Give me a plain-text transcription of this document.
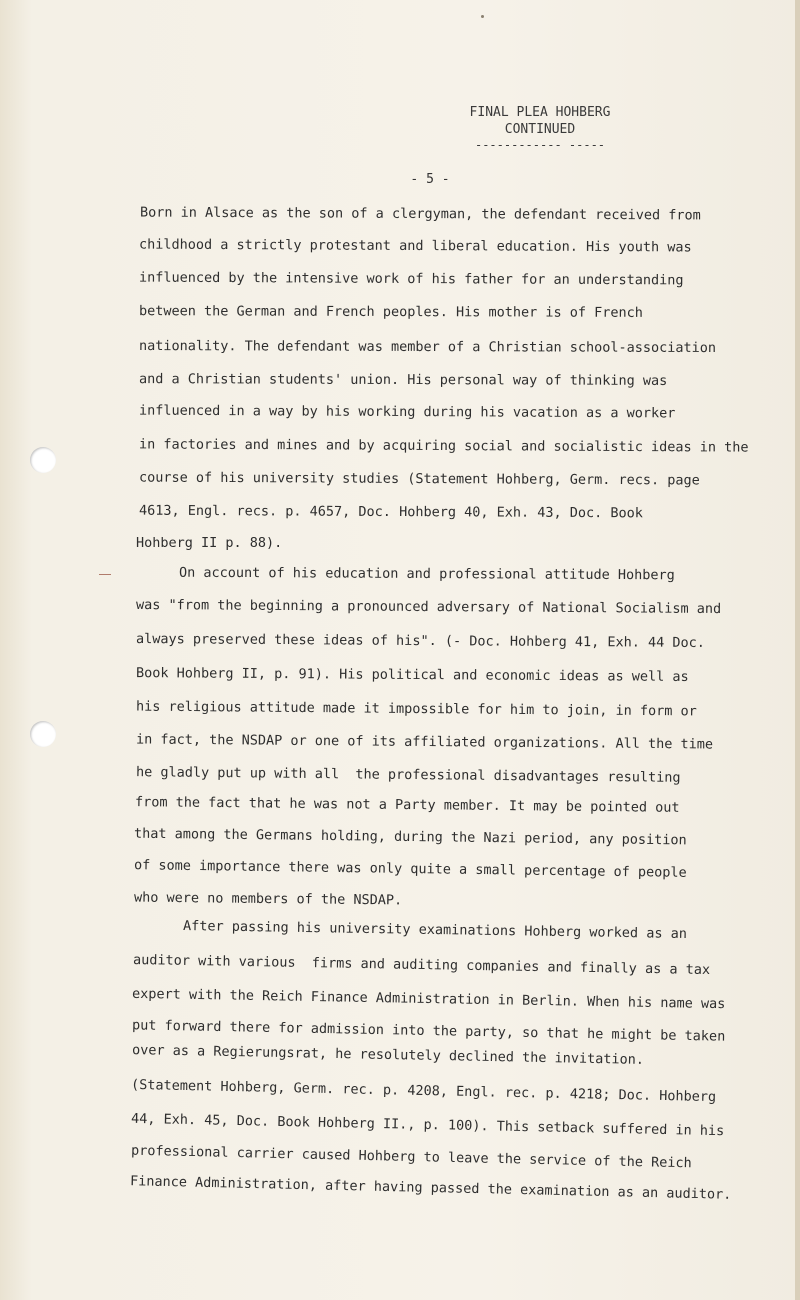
FINAL PLEA HOHBERG
CONTINUED
------------ -----
- 5 -
Born in Alsace as the son of a clergyman, the defendant received from
childhood a strictly protestant and liberal education. His youth was
influenced by the intensive work of his father for an understanding
between the German and French peoples. His mother is of French
nationality. The defendant was member of a Christian school-association
and a Christian students' union. His personal way of thinking was
influenced in a way by his working during his vacation as a worker
in factories and mines and by acquiring social and socialistic ideas in the
course of his university studies (Statement Hohberg, Germ. recs. page
4613, Engl. recs. p. 4657, Doc. Hohberg 40, Exh. 43, Doc. Book
Hohberg II p. 88).
On account of his education and professional attitude Hohberg
was "from the beginning a pronounced adversary of National Socialism and
always preserved these ideas of his". (- Doc. Hohberg 41, Exh. 44 Doc.
Book Hohberg II, p. 91). His political and economic ideas as well as
his religious attitude made it impossible for him to join, in form or
in fact, the NSDAP or one of its affiliated organizations. All the time
he gladly put up with all  the professional disadvantages resulting
from the fact that he was not a Party member. It may be pointed out
that among the Germans holding, during the Nazi period, any position
of some importance there was only quite a small percentage of people
who were no members of the NSDAP.
After passing his university examinations Hohberg worked as an
auditor with various  firms and auditing companies and finally as a tax
expert with the Reich Finance Administration in Berlin. When his name was
put forward there for admission into the party, so that he might be taken
over as a Regierungsrat, he resolutely declined the invitation.
(Statement Hohberg, Germ. rec. p. 4208, Engl. rec. p. 4218; Doc. Hohberg
44, Exh. 45, Doc. Book Hohberg II., p. 100). This setback suffered in his
professional carrier caused Hohberg to leave the service of the Reich
Finance Administration, after having passed the examination as an auditor.
